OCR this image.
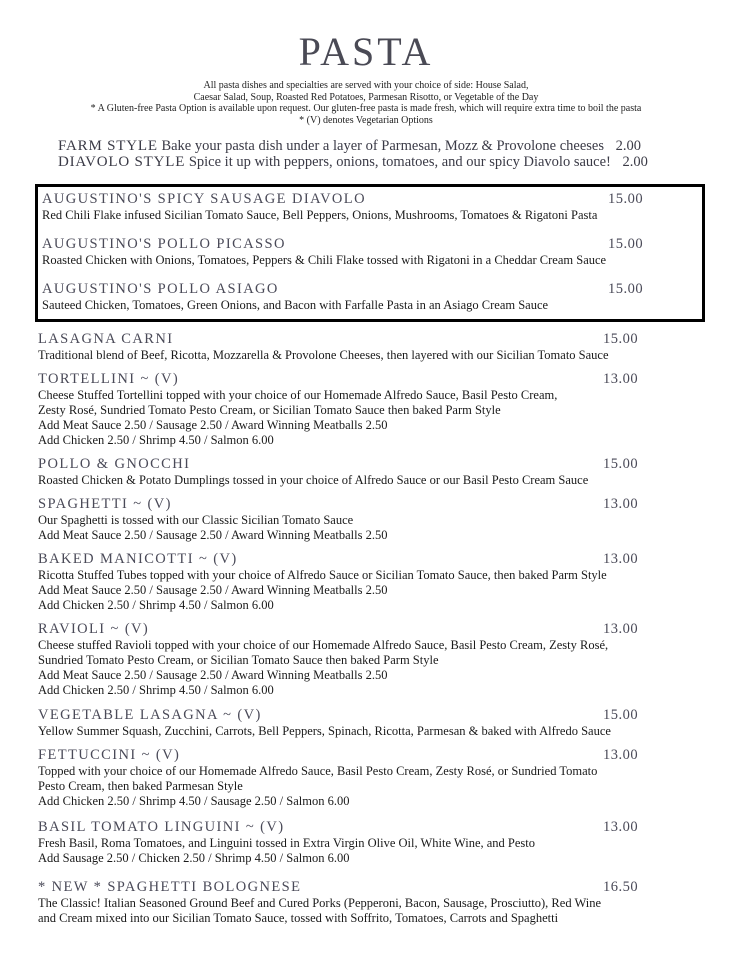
PASTA
All pasta dishes and specialties are served with your choice of side: House Salad,
Caesar Salad, Soup, Roasted Red Potatoes, Parmesan Risotto, or Vegetable of the Day
* A Gluten-free Pasta Option is available upon request. Our gluten-free pasta is made fresh, which will require extra time to boil the pasta
* (V) denotes Vegetarian Options
FARM STYLE Bake your pasta dish under a layer of Parmesan, Mozz & Provolone cheeses 2.00
DIAVOLO STYLE Spice it up with peppers, onions, tomatoes, and our spicy Diavolo sauce! 2.00
AUGUSTINO'S SPICY SAUSAGE DIAVOLO	15.00
Red Chili Flake infused Sicilian Tomato Sauce, Bell Peppers, Onions, Mushrooms, Tomatoes & Rigatoni Pasta
AUGUSTINO'S POLLO PICASSO	15.00
Roasted Chicken with Onions, Tomatoes, Peppers & Chili Flake tossed with Rigatoni in a Cheddar Cream Sauce
AUGUSTINO'S POLLO ASIAGO	15.00
Sauteed Chicken, Tomatoes, Green Onions, and Bacon with Farfalle Pasta in an Asiago Cream Sauce
LASAGNA CARNI	15.00
Traditional blend of Beef, Ricotta, Mozzarella & Provolone Cheeses, then layered with our Sicilian Tomato Sauce
TORTELLINI ~ (V)	13.00
Cheese Stuffed Tortellini topped with your choice of our Homemade Alfredo Sauce, Basil Pesto Cream,
Zesty Rosé, Sundried Tomato Pesto Cream, or Sicilian Tomato Sauce then baked Parm Style
Add Meat Sauce 2.50 / Sausage 2.50 / Award Winning Meatballs 2.50
Add Chicken 2.50 / Shrimp 4.50 / Salmon 6.00
POLLO & GNOCCHI	15.00
Roasted Chicken & Potato Dumplings tossed in your choice of Alfredo Sauce or our Basil Pesto Cream Sauce
SPAGHETTI ~ (V)	13.00
Our Spaghetti is tossed with our Classic Sicilian Tomato Sauce
Add Meat Sauce 2.50 / Sausage 2.50 / Award Winning Meatballs 2.50
BAKED MANICOTTI ~ (V)	13.00
Ricotta Stuffed Tubes topped with your choice of Alfredo Sauce or Sicilian Tomato Sauce, then baked Parm Style
Add Meat Sauce 2.50 / Sausage 2.50 / Award Winning Meatballs 2.50
Add Chicken 2.50 / Shrimp 4.50 / Salmon 6.00
RAVIOLI ~ (V)	13.00
Cheese stuffed Ravioli topped with your choice of our Homemade Alfredo Sauce, Basil Pesto Cream, Zesty Rosé,
Sundried Tomato Pesto Cream, or Sicilian Tomato Sauce then baked Parm Style
Add Meat Sauce 2.50 / Sausage 2.50 / Award Winning Meatballs 2.50
Add Chicken 2.50 / Shrimp 4.50 / Salmon 6.00
VEGETABLE LASAGNA ~ (V)	15.00
Yellow Summer Squash, Zucchini, Carrots, Bell Peppers, Spinach, Ricotta, Parmesan & baked with Alfredo Sauce
FETTUCCINI ~ (V)	13.00
Topped with your choice of our Homemade Alfredo Sauce, Basil Pesto Cream, Zesty Rosé, or Sundried Tomato
Pesto Cream, then baked Parmesan Style
Add Chicken 2.50 / Shrimp 4.50 / Sausage 2.50 / Salmon 6.00
BASIL TOMATO LINGUINI ~ (V)	13.00
Fresh Basil, Roma Tomatoes, and Linguini tossed in Extra Virgin Olive Oil, White Wine, and Pesto
Add Sausage 2.50 / Chicken 2.50 / Shrimp 4.50 / Salmon 6.00
* NEW * SPAGHETTI BOLOGNESE	16.50
The Classic! Italian Seasoned Ground Beef and Cured Porks (Pepperoni, Bacon, Sausage, Prosciutto), Red Wine
and Cream mixed into our Sicilian Tomato Sauce, tossed with Soffrito, Tomatoes, Carrots and Spaghetti
